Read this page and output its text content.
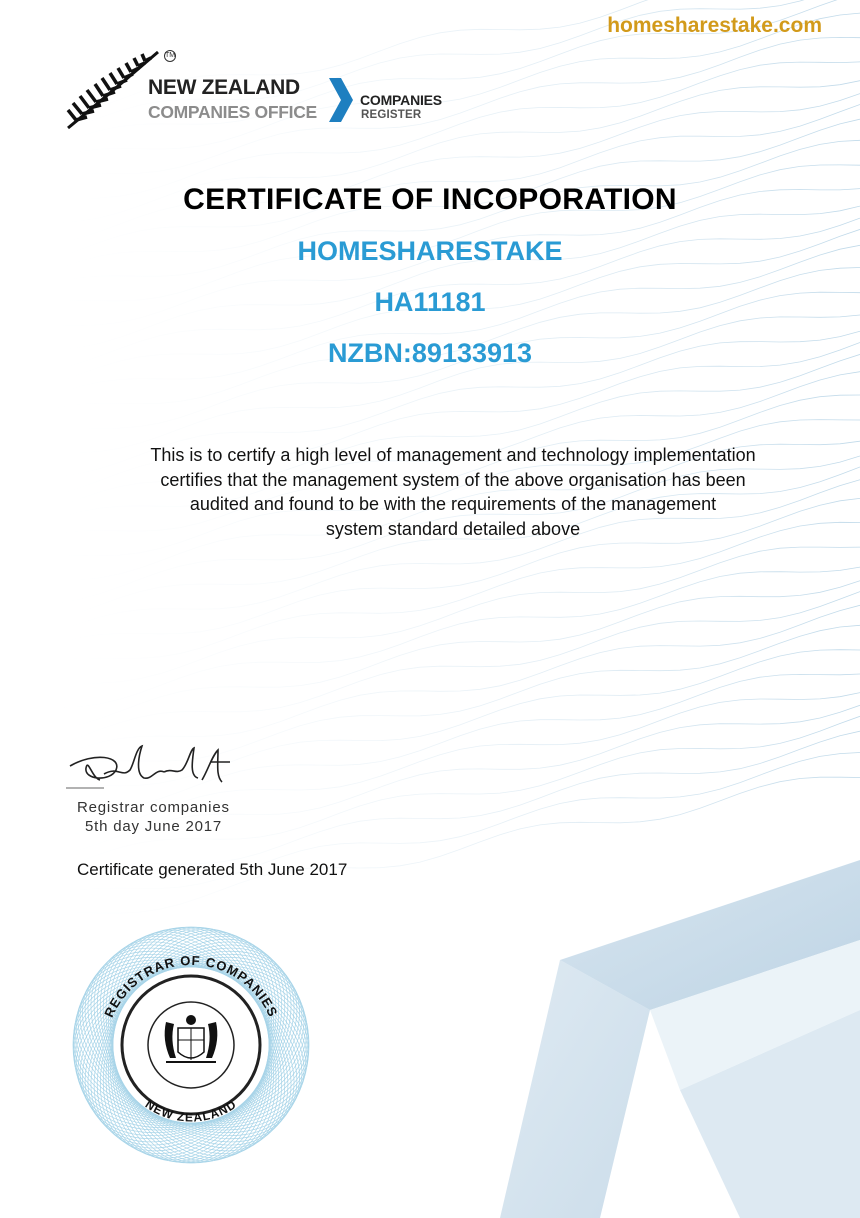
homesharestake.com
TM
NEW ZEALAND
COMPANIES OFFICE
COMPANIES
REGISTER
CERTIFICATE OF INCOPORATION
HOMESHARESTAKE
HA11181
NZBN:89133913
This is to certify a high level of management and technology implementation
certifies that the management system of the above organisation has been
audited and found to be with the requirements of the management
system standard detailed above
Registrar companies
5th day June 2017
Certificate generated 5th June 2017
REGISTRAR OF COMPANIES
NEW ZEALAND
